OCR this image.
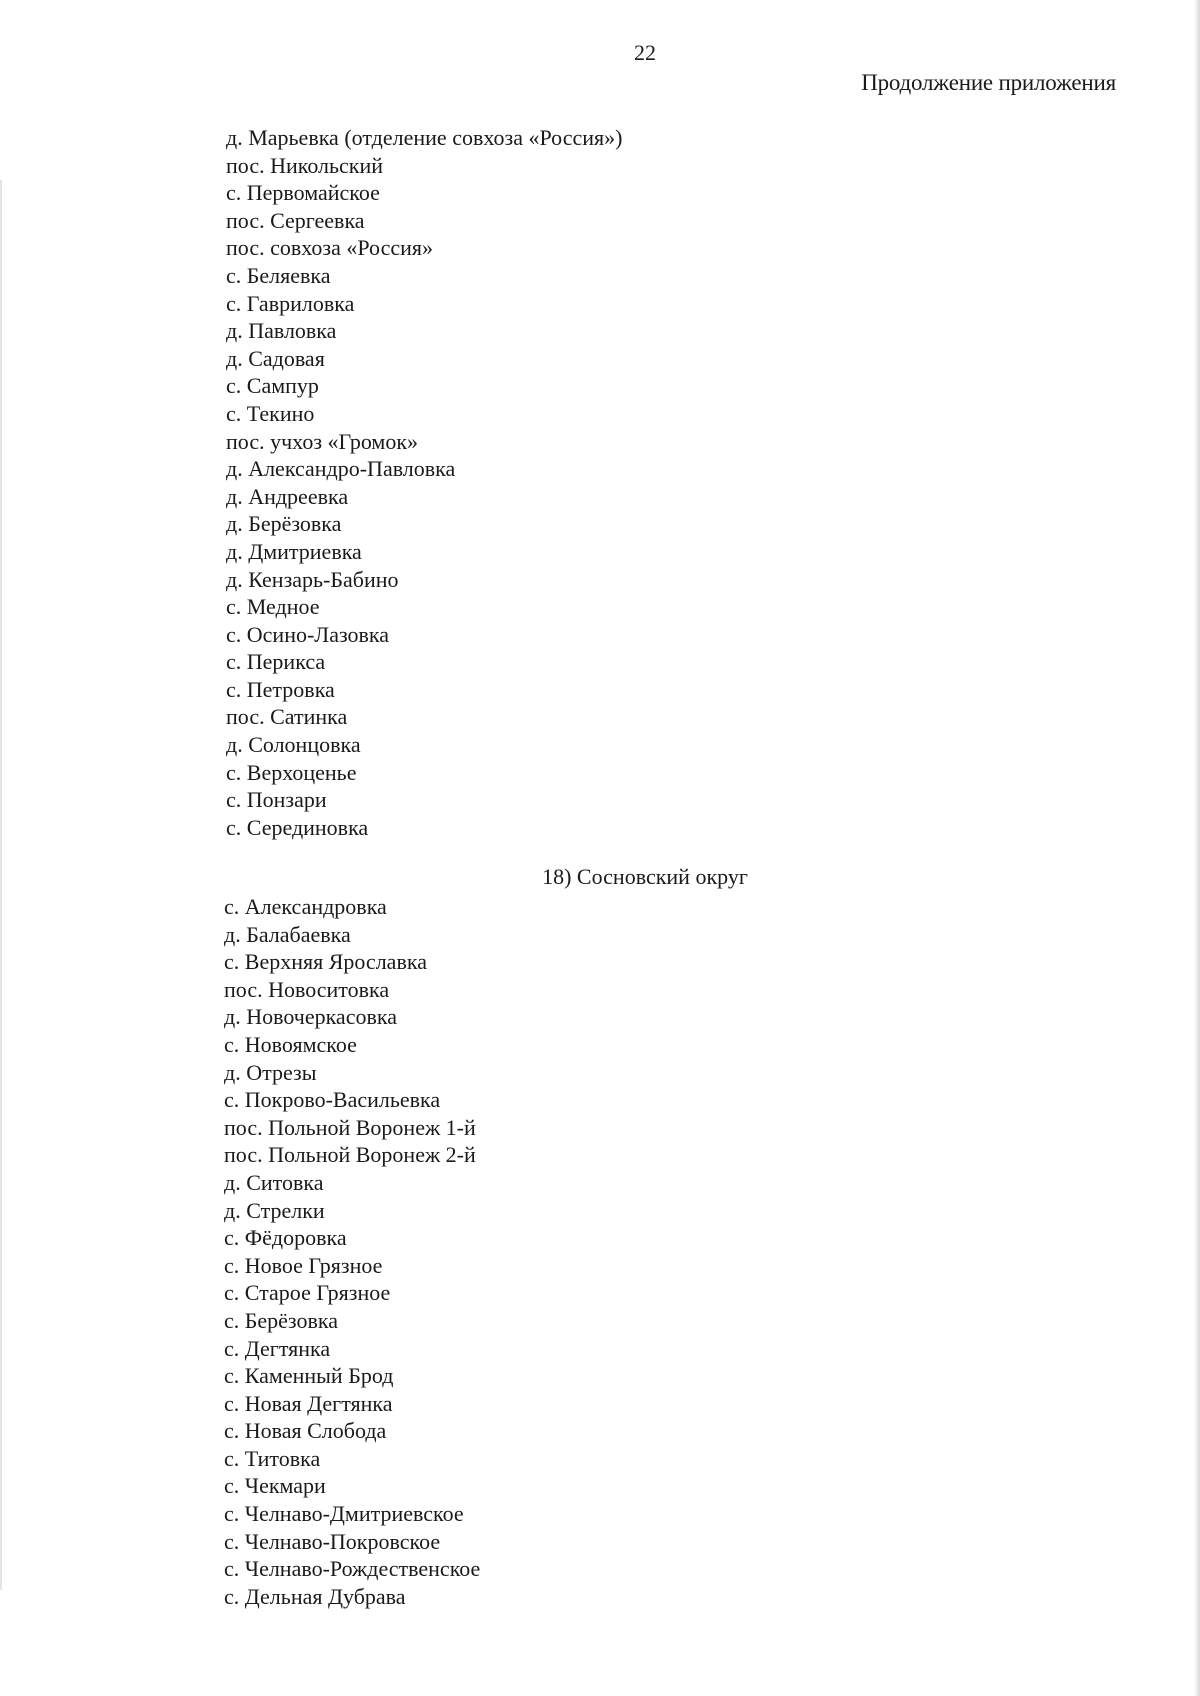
22
Продолжение приложения
д. Марьевка (отделение совхоза «Россия»)
пос. Никольский
с. Первомайское
пос. Сергеевка
пос. совхоза «Россия»
с. Беляевка
с. Гавриловка
д. Павловка
д. Садовая
с. Сампур
с. Текино
пос. учхоз «Громок»
д. Александро-Павловка
д. Андреевка
д. Берёзовка
д. Дмитриевка
д. Кензарь-Бабино
с. Медное
с. Осино-Лазовка
с. Перикса
с. Петровка
пос. Сатинка
д. Солонцовка
с. Верхоценье
с. Понзари
с. Серединовка
18) Сосновский округ
с. Александровка
д. Балабаевка
с. Верхняя Ярославка
пос. Новоситовка
д. Новочеркасовка
с. Новоямское
д. Отрезы
с. Покрово-Васильевка
пос. Польной Воронеж 1-й
пос. Польной Воронеж 2-й
д. Ситовка
д. Стрелки
с. Фёдоровка
с. Новое Грязное
с. Старое Грязное
с. Берёзовка
с. Дегтянка
с. Каменный Брод
с. Новая Дегтянка
с. Новая Слобода
с. Титовка
с. Чекмари
с. Челнаво-Дмитриевское
с. Челнаво-Покровское
с. Челнаво-Рождественское
с. Дельная Дубрава
